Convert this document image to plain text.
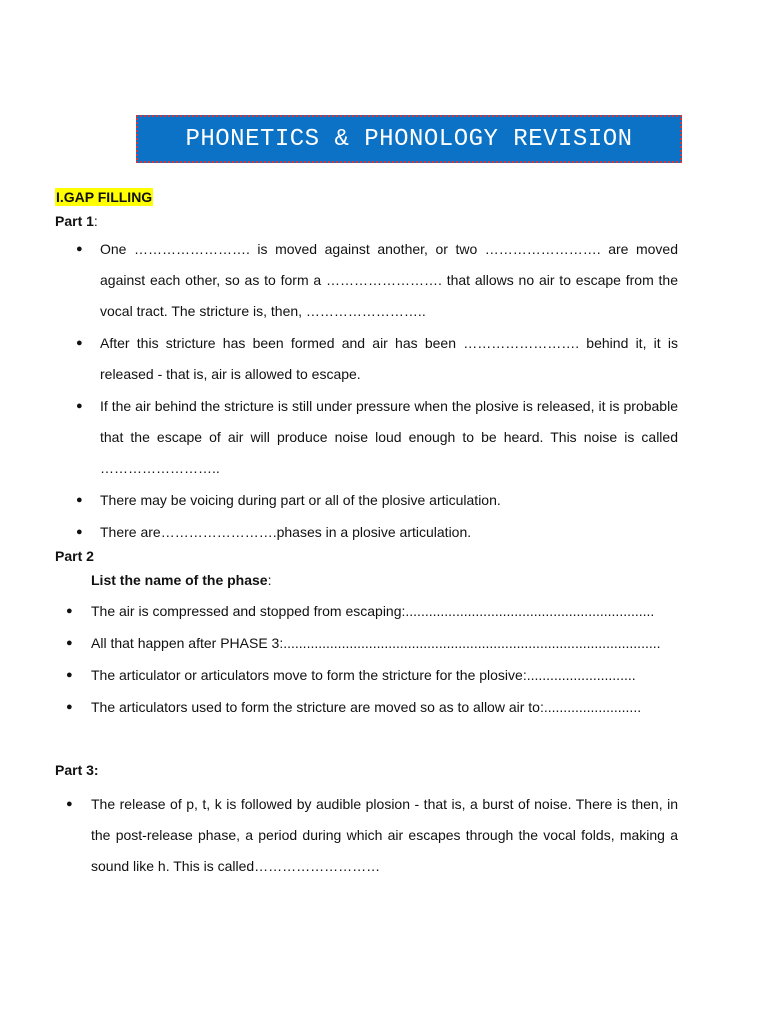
PHONETICS & PHONOLOGY REVISION
I.GAP FILLING
Part 1:
● One ……………………. is moved against another, or two ……………………. are moved against each other, so as to form a ……………………. that allows no air to escape from the vocal tract. The stricture is, then, ……………………..
● After this stricture has been formed and air has been ……………………. behind it, it is released - that is, air is allowed to escape.
● If the air behind the stricture is still under pressure when the plosive is released, it is probable that the escape of air will produce noise loud enough to be heard. This noise is called ……………………..
● There may be voicing during part or all of the plosive articulation.
● There are…………………….phases in a plosive articulation.
Part 2
List the name of the phase:
● The air is compressed and stopped from escaping:................................................................
● All that happen after PHASE 3:.................................................................................................
● The articulator or articulators move to form the stricture for the plosive:............................
● The articulators used to form the stricture are moved so as to allow air to:.........................
Part 3:
● The release of p, t, k is followed by audible plosion - that is, a burst of noise. There is then, in the post-release phase, a period during which air escapes through the vocal folds, making a sound like h. This is called………………………
